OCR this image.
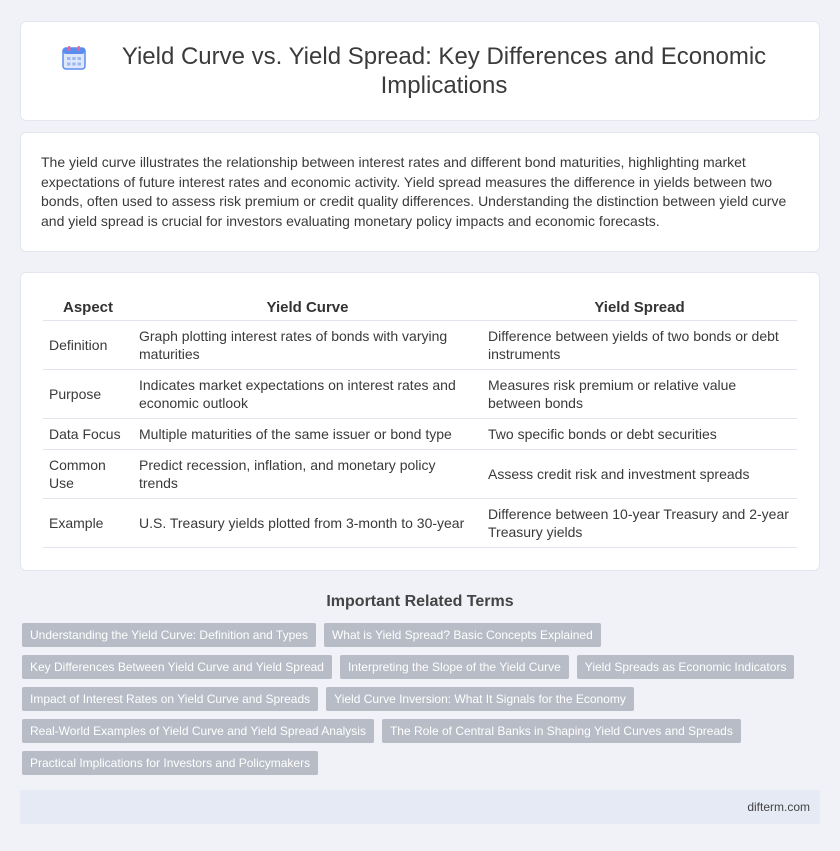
Yield Curve vs. Yield Spread: Key Differences and Economic Implications

The yield curve illustrates the relationship between interest rates and different bond maturities, highlighting market expectations of future interest rates and economic activity. Yield spread measures the difference in yields between two bonds, often used to assess risk premium or credit quality differences. Understanding the distinction between yield curve and yield spread is crucial for investors evaluating monetary policy impacts and economic forecasts.

Aspect	Yield Curve	Yield Spread
Definition	Graph plotting interest rates of bonds with varying maturities	Difference between yields of two bonds or debt instruments
Purpose	Indicates market expectations on interest rates and economic outlook	Measures risk premium or relative value between bonds
Data Focus	Multiple maturities of the same issuer or bond type	Two specific bonds or debt securities
Common Use	Predict recession, inflation, and monetary policy trends	Assess credit risk and investment spreads
Example	U.S. Treasury yields plotted from 3-month to 30-year	Difference between 10-year Treasury and 2-year Treasury yields
Important Related Terms
Understanding the Yield Curve: Definition and Types	What is Yield Spread? Basic Concepts Explained
Key Differences Between Yield Curve and Yield Spread	Interpreting the Slope of the Yield Curve	Yield Spreads as Economic Indicators
Impact of Interest Rates on Yield Curve and Spreads	Yield Curve Inversion: What It Signals for the Economy
Real-World Examples of Yield Curve and Yield Spread Analysis	The Role of Central Banks in Shaping Yield Curves and Spreads
Practical Implications for Investors and Policymakers
difterm.com
